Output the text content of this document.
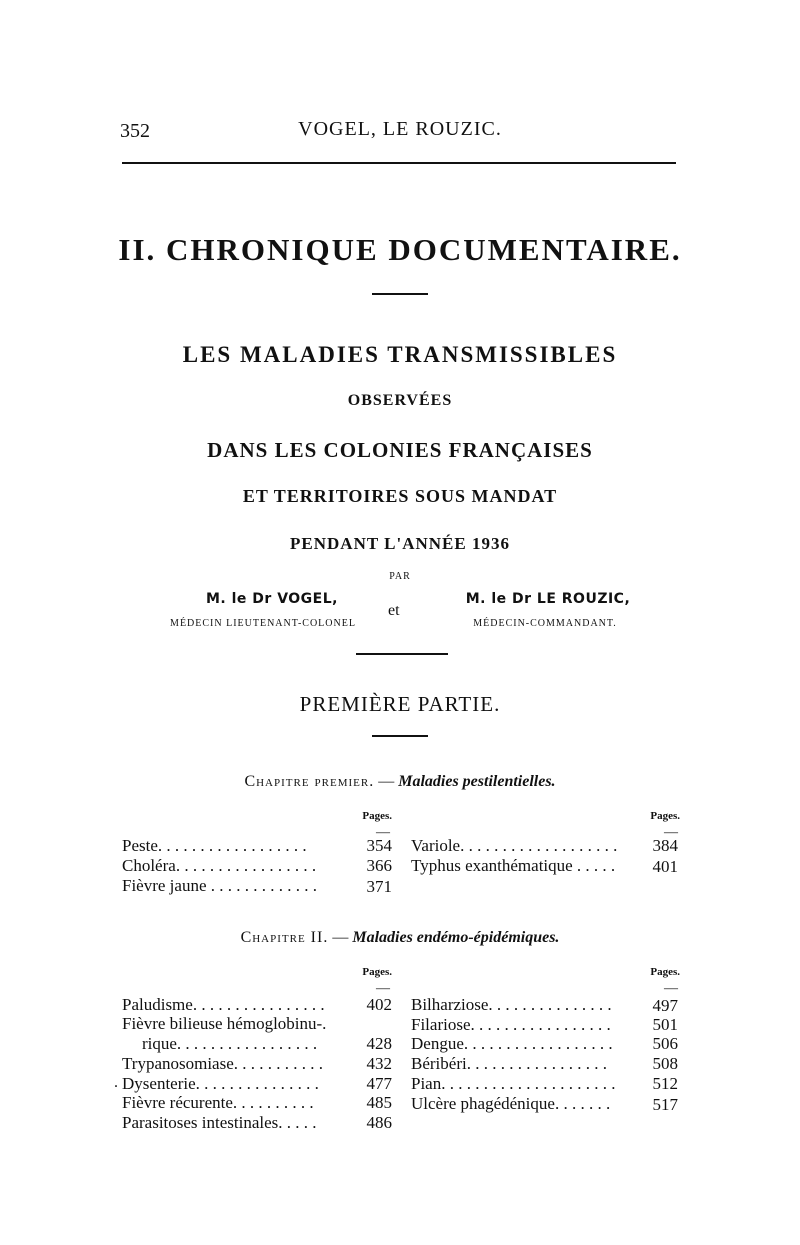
352	VOGEL, LE ROUZIC.
II. CHRONIQUE DOCUMENTAIRE.
LES MALADIES TRANSMISSIBLES
OBSERVÉES
DANS LES COLONIES FRANÇAISES
ET TERRITOIRES SOUS MANDAT
PENDANT L'ANNÉE 1936
PAR
M. le Dr VOGEL,
MÉDECIN LIEUTENANT-COLONEL
et
M. le Dr LE ROUZIC,
MÉDECIN-COMMANDANT.
PREMIÈRE PARTIE.
Chapitre premier. — Maladies pestilentielles.
Pages.	Pages.
—	—
Peste. . . . . . . . . . . . . . . . . .	354
Choléra. . . . . . . . . . . . . . . . .	366
Fièvre jaune . . . . . . . . . . . . .	371
Variole. . . . . . . . . . . . . . . . . . .	384
Typhus exanthématique . . . . .	401
Chapitre II. — Maladies endémo-épidémiques.
Pages.	Pages.
—	—
Paludisme. . . . . . . . . . . . . . . .	402
Fièvre bilieuse hémoglobinu-.
rique. . . . . . . . . . . . . . . . .	428
Trypanosomiase. . . . . . . . . . .	432
. Dysenterie. . . . . . . . . . . . . . .	477
Fièvre récurente. . . . . . . . . .	485
Parasitoses intestinales. . . . .	486
Bilharziose. . . . . . . . . . . . . . .	497
Filariose. . . . . . . . . . . . . . . . .	501
Dengue. . . . . . . . . . . . . . . . . .	506
Béribéri. . . . . . . . . . . . . . . . .	508
Pian. . . . . . . . . . . . . . . . . . . . .	512
Ulcère phagédénique. . . . . . .	517
